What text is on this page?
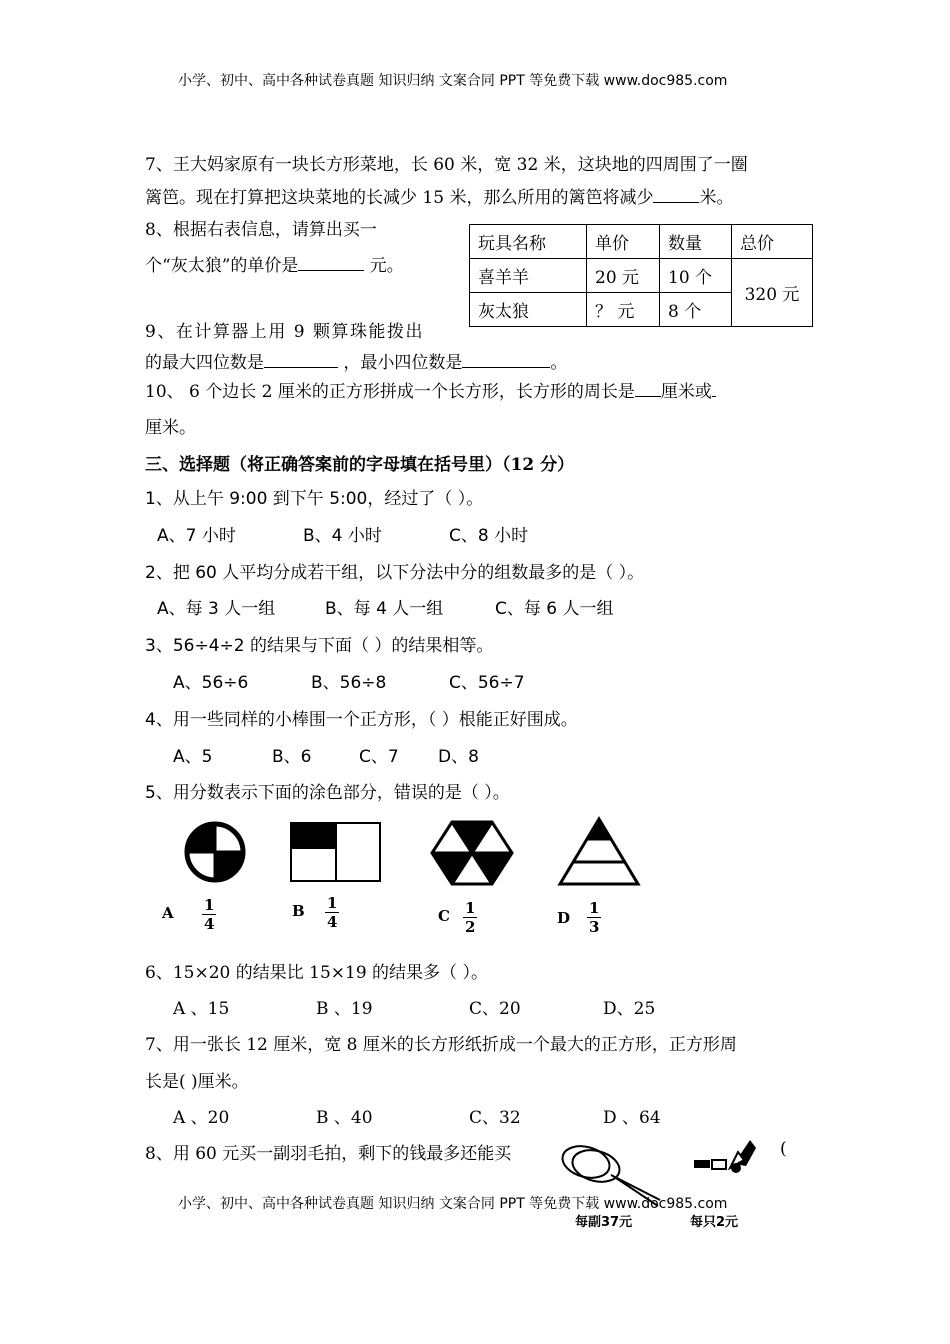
小学、初中、高中各种试卷真题 知识归纳 文案合同 PPT 等免费下载 www.doc985.com
7、王大妈家原有一块长方形菜地，长 60 米，宽 32 米，这块地的四周围了一圈
篱笆。现在打算把这块菜地的长减少 15 米，那么所用的篱笆将减少	米。
8、根据右表信息，请算出买一
个“灰太狼”的单价是	元。
玩具名称	单价	数量	总价
喜羊羊	20 元	10 个	320 元
灰太狼	？ 元	8 个	
9、在计算器上用 9 颗算珠能拨出
的最大四位数是	，最小四位数是	。
10、 6 个边长 2 厘米的正方形拼成一个长方形，长方形的周长是 厘米或
厘米。
三、选择题（将正确答案前的字母填在括号里）（12 分）
1、从上午 9:00 到下午 5:00，经过了（ ）。
A、7 小时	B、4 小时	C、8 小时
2、把 60 人平均分成若干组，以下分法中分的组数最多的是（ ）。
A、每 3 人一组	B、每 4 人一组	C、每 6 人一组
3、56÷4÷2 的结果与下面（ ）的结果相等。
A、56÷6	B、56÷8	C、56÷7
4、用一些同样的小棒围一个正方形，（ ）根能正好围成。
A、5	B、6	C、7 D、8
5、用分数表示下面的涂色部分，错误的是（ ）。
A $\frac{1}{4}$	B $\frac{1}{4}$	C $\frac{1}{2}$	D $\frac{1}{3}$
6、15×20 的结果比 15×19 的结果多（ ）。
A 、15	B 、19	C、20	D、25
7、用一张长 12 厘米，宽 8 厘米的长方形纸折成一个最大的正方形，正方形周
长是( )厘米。
A 、20	B 、40	C、32	D 、64
8、用 60 元买一副羽毛拍，剩下的钱最多还能买	(
小学、初中、高中各种试卷真题 知识归纳 文案合同 PPT 等免费下载 www.doc985.com
每副37元	每只2元
